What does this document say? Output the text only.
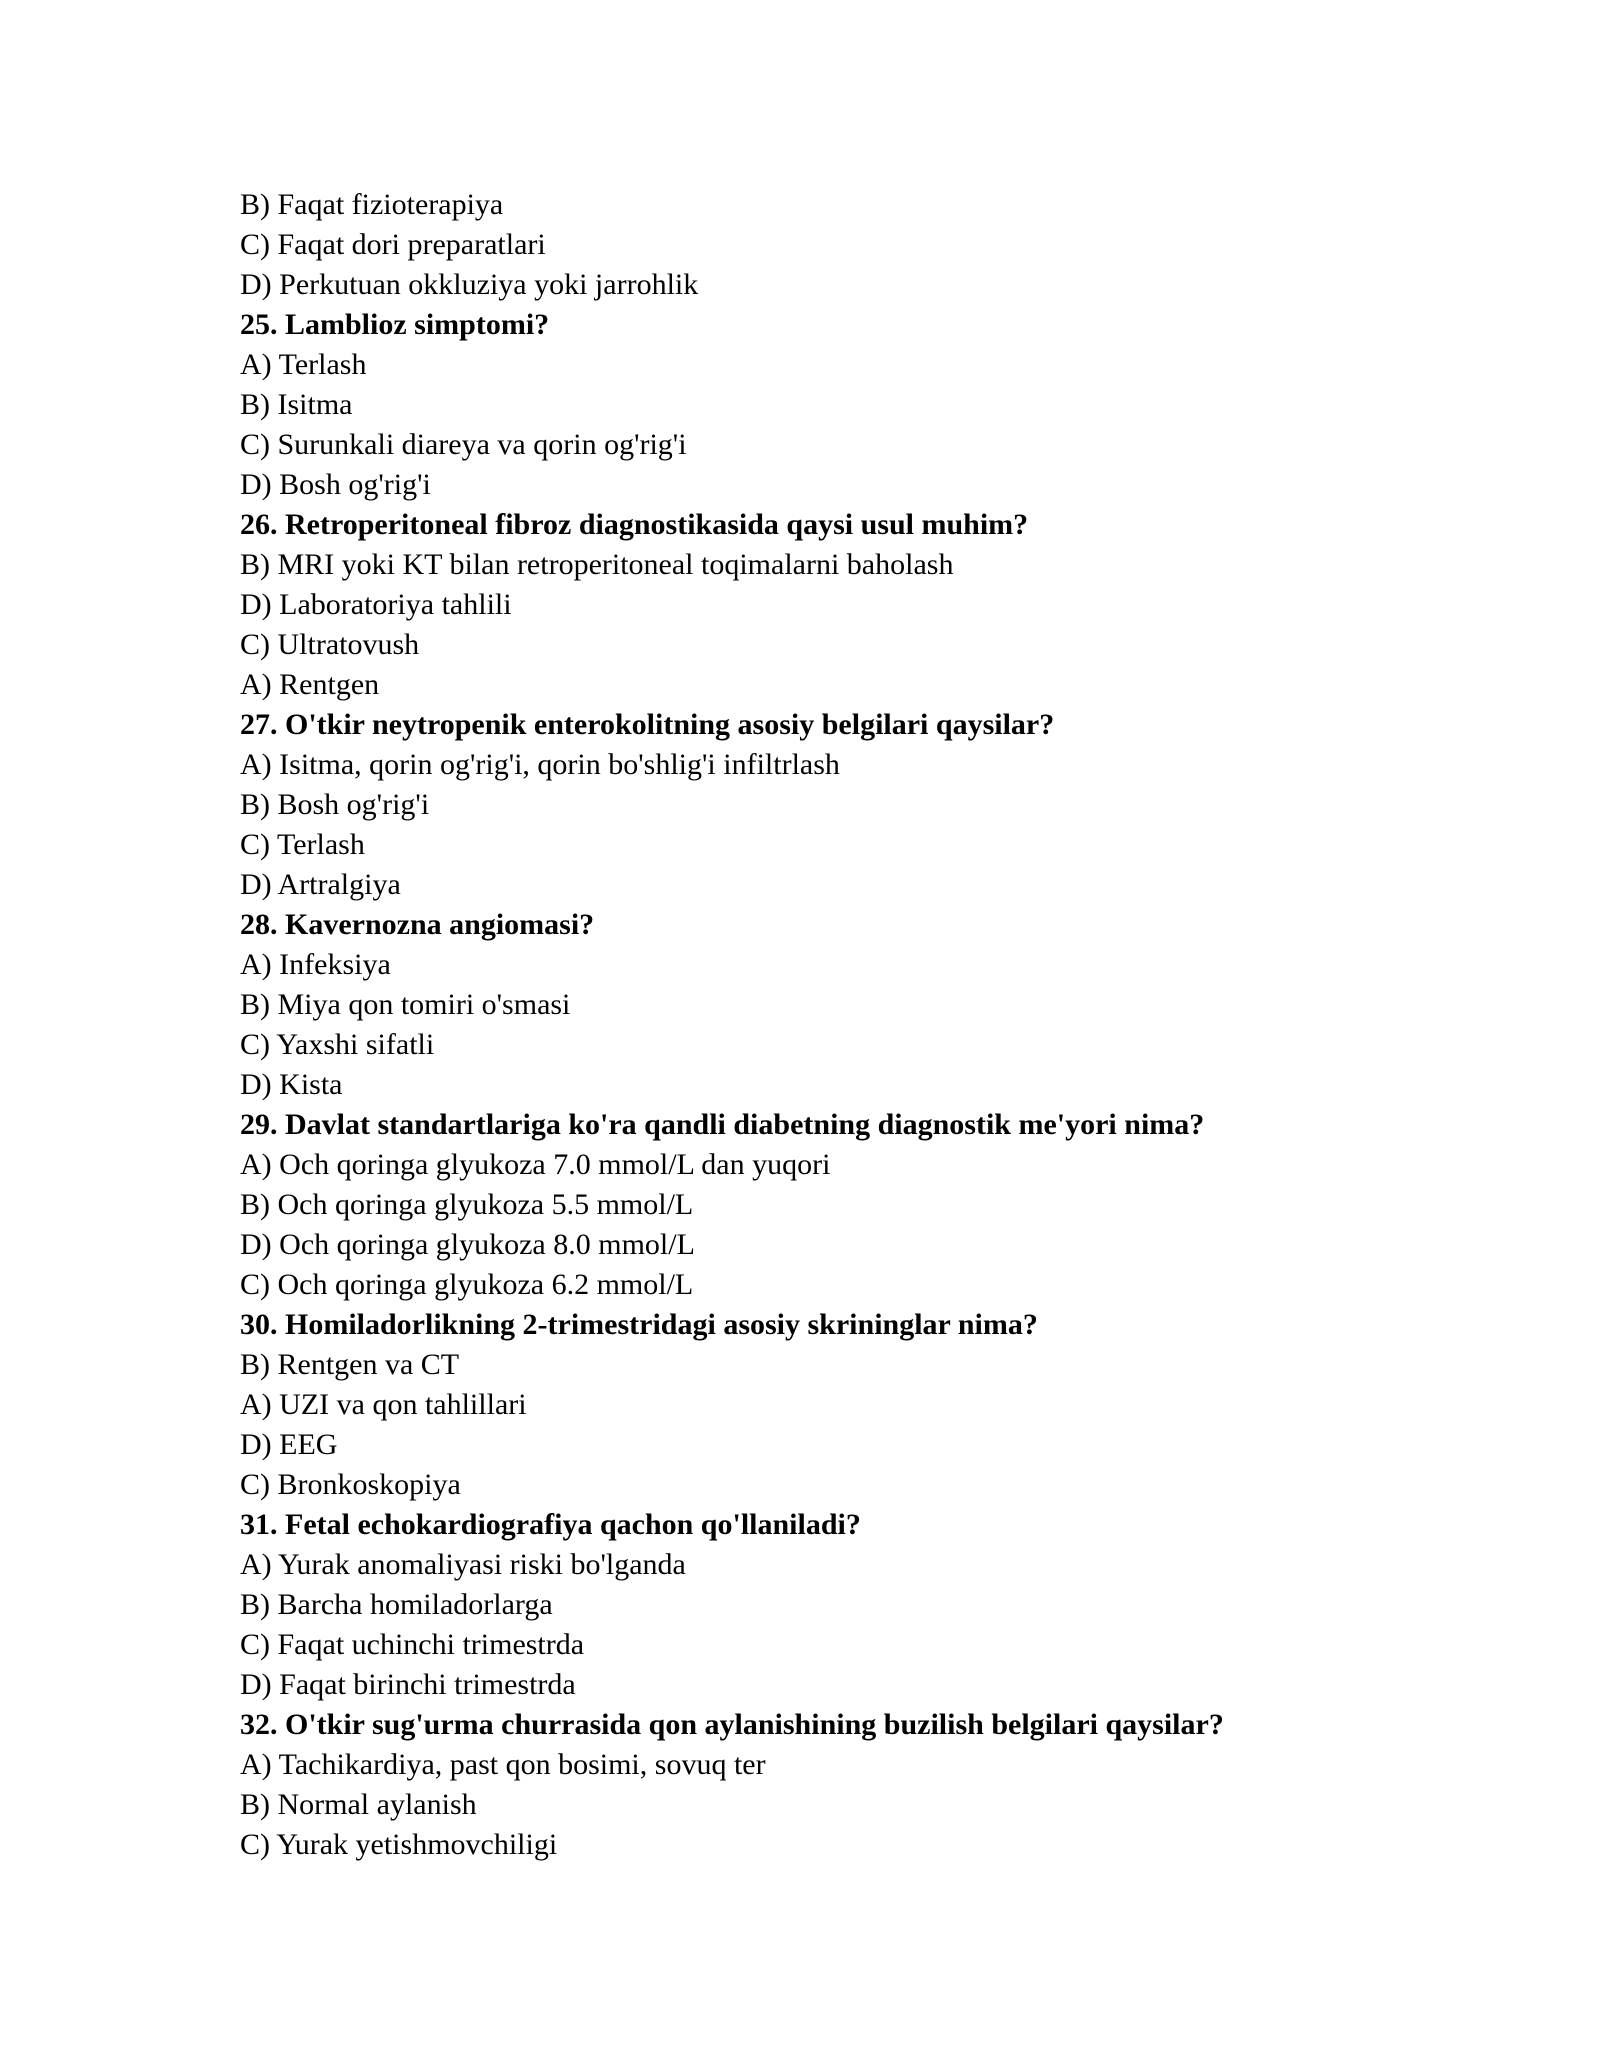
B) Faqat fizioterapiya
C) Faqat dori preparatlari
D) Perkutuan okkluziya yoki jarrohlik
25. Lamblioz simptomi?
A) Terlash
B) Isitma
C) Surunkali diareya va qorin og'rig'i
D) Bosh og'rig'i
26. Retroperitoneal fibroz diagnostikasida qaysi usul muhim?
B) MRI yoki KT bilan retroperitoneal toqimalarni baholash
D) Laboratoriya tahlili
C) Ultratovush
A) Rentgen
27. O'tkir neytropenik enterokolitning asosiy belgilari qaysilar?
A) Isitma, qorin og'rig'i, qorin bo'shlig'i infiltrlash
B) Bosh og'rig'i
C) Terlash
D) Artralgiya
28. Kavernozna angiomasi?
A) Infeksiya
B) Miya qon tomiri o'smasi
C) Yaxshi sifatli
D) Kista
29. Davlat standartlariga ko'ra qandli diabetning diagnostik me'yori nima?
A) Och qoringa glyukoza 7.0 mmol/L dan yuqori
B) Och qoringa glyukoza 5.5 mmol/L
D) Och qoringa glyukoza 8.0 mmol/L
C) Och qoringa glyukoza 6.2 mmol/L
30. Homiladorlikning 2-trimestridagi asosiy skrininglar nima?
B) Rentgen va CT
A) UZI va qon tahlillari
D) EEG
C) Bronkoskopiya
31. Fetal echokardiografiya qachon qo'llaniladi?
A) Yurak anomaliyasi riski bo'lganda
B) Barcha homiladorlarga
C) Faqat uchinchi trimestrda
D) Faqat birinchi trimestrda
32. O'tkir sug'urma churrasida qon aylanishining buzilish belgilari qaysilar?
A) Tachikardiya, past qon bosimi, sovuq ter
B) Normal aylanish
C) Yurak yetishmovchiligi
